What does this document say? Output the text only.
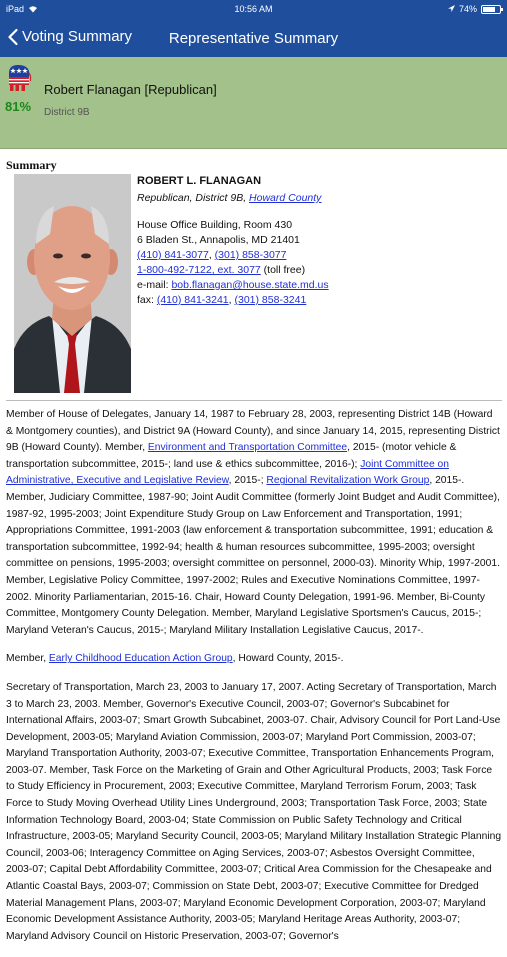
iPad	10:56 AM	74%
Voting Summary	Representative Summary
81%
Robert Flanagan [Republican]
District 9B
Summary
ROBERT L. FLANAGAN
Republican, District 9B, Howard County
House Office Building, Room 430
6 Bladen St., Annapolis, MD 21401
(410) 841-3077, (301) 858-3077
1-800-492-7122, ext. 3077 (toll free)
e-mail: bob.flanagan@house.state.md.us
fax: (410) 841-3241, (301) 858-3241

Member of House of Delegates, January 14, 1987 to February 28, 2003, representing District 14B (Howard & Montgomery counties), and District 9A (Howard County), and since January 14, 2015, representing District 9B (Howard County). Member, Environment and Transportation Committee, 2015- (motor vehicle & transportation subcommittee, 2015-; land use & ethics subcommittee, 2016-); Joint Committee on Administrative, Executive and Legislative Review, 2015-; Regional Revitalization Work Group, 2015-. Member, Judiciary Committee, 1987-90; Joint Audit Committee (formerly Joint Budget and Audit Committee), 1987-92, 1995-2003; Joint Expenditure Study Group on Law Enforcement and Transportation, 1991; Appropriations Committee, 1991-2003 (law enforcement & transportation subcommittee, 1991; education & transportation subcommittee, 1992-94; health & human resources subcommittee, 1995-2003; oversight committee on pensions, 1995-2003; oversight committee on personnel, 2000-03). Minority Whip, 1997-2001. Member, Legislative Policy Committee, 1997-2002; Rules and Executive Nominations Committee, 1997-2002. Minority Parliamentarian, 2015-16. Chair, Howard County Delegation, 1991-96. Member, Bi-County Committee, Montgomery County Delegation. Member, Maryland Legislative Sportsmen's Caucus, 2015-; Maryland Veteran's Caucus, 2015-; Maryland Military Installation Legislative Caucus, 2017-.

Member, Early Childhood Education Action Group, Howard County, 2015-.

Secretary of Transportation, March 23, 2003 to January 17, 2007. Acting Secretary of Transportation, March 3 to March 23, 2003. Member, Governor's Executive Council, 2003-07; Governor's Subcabinet for International Affairs, 2003-07; Smart Growth Subcabinet, 2003-07. Chair, Advisory Council for Port Land-Use Development, 2003-05; Maryland Aviation Commission, 2003-07; Maryland Port Commission, 2003-07; Maryland Transportation Authority, 2003-07; Executive Committee, Transportation Enhancements Program, 2003-07. Member, Task Force on the Marketing of Grain and Other Agricultural Products, 2003; Task Force to Study Efficiency in Procurement, 2003; Executive Committee, Maryland Terrorism Forum, 2003; Task Force to Study Moving Overhead Utility Lines Underground, 2003; Transportation Task Force, 2003; State Information Technology Board, 2003-04; State Commission on Public Safety Technology and Critical Infrastructure, 2003-05; Maryland Security Council, 2003-05; Maryland Military Installation Strategic Planning Council, 2003-06; Interagency Committee on Aging Services, 2003-07; Asbestos Oversight Committee, 2003-07; Capital Debt Affordability Committee, 2003-07; Critical Area Commission for the Chesapeake and Atlantic Coastal Bays, 2003-07; Commission on State Debt, 2003-07; Executive Committee for Dredged Material Management Plans, 2003-07; Maryland Economic Development Corporation, 2003-07; Maryland Economic Development Assistance Authority, 2003-05; Maryland Heritage Areas Authority, 2003-07; Maryland Advisory Council on Historic Preservation, 2003-07; Governor's
